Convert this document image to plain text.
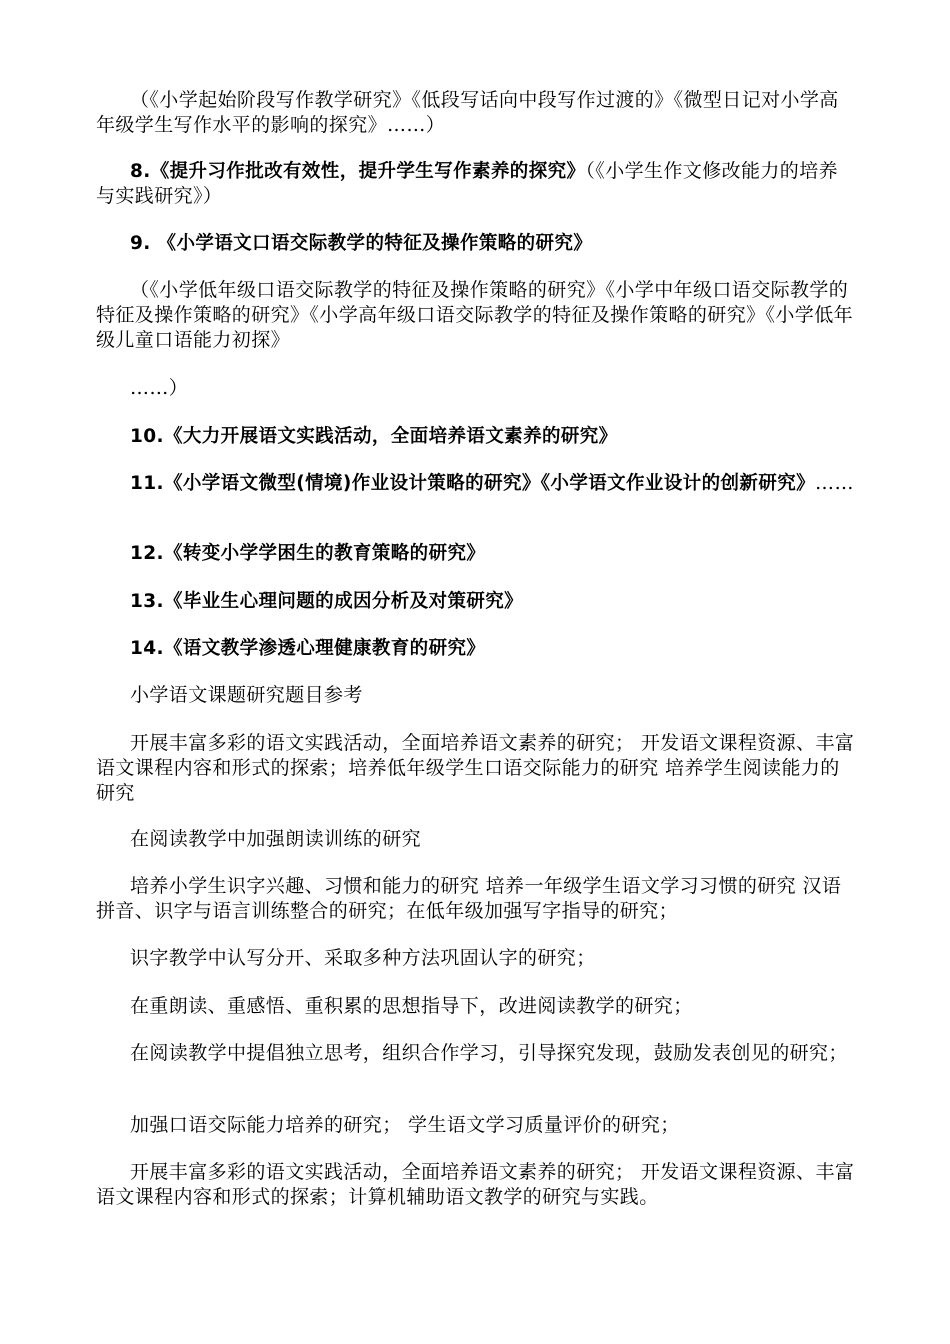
（《小学起始阶段写作教学研究》《低段写话向中段写作过渡的》《微型日记对小学高年级学生写作水平的影响的探究》……）

8.《提升习作批改有效性，提升学生写作素养的探究》（《小学生作文修改能力的培养与实践研究》）

9. 《小学语文口语交际教学的特征及操作策略的研究》

（《小学低年级口语交际教学的特征及操作策略的研究》《小学中年级口语交际教学的特征及操作策略的研究》《小学高年级口语交际教学的特征及操作策略的研究》《小学低年级儿童口语能力初探》

……）

10.《大力开展语文实践活动，全面培养语文素养的研究》

11.《小学语文微型(情境)作业设计策略的研究》《小学语文作业设计的创新研究》……

12.《转变小学学困生的教育策略的研究》

13.《毕业生心理问题的成因分析及对策研究》

14.《语文教学渗透心理健康教育的研究》

小学语文课题研究题目参考

开展丰富多彩的语文实践活动，全面培养语文素养的研究； 开发语文课程资源、丰富语文课程内容和形式的探索；培养低年级学生口语交际能力的研究 培养学生阅读能力的研究

在阅读教学中加强朗读训练的研究

培养小学生识字兴趣、习惯和能力的研究 培养一年级学生语文学习习惯的研究 汉语拼音、识字与语言训练整合的研究；在低年级加强写字指导的研究；

识字教学中认写分开、采取多种方法巩固认字的研究；

在重朗读、重感悟、重积累的思想指导下，改进阅读教学的研究；

在阅读教学中提倡独立思考，组织合作学习，引导探究发现，鼓励发表创见的研究；

加强口语交际能力培养的研究； 学生语文学习质量评价的研究；

开展丰富多彩的语文实践活动，全面培养语文素养的研究； 开发语文课程资源、丰富语文课程内容和形式的探索；计算机辅助语文教学的研究与实践。
